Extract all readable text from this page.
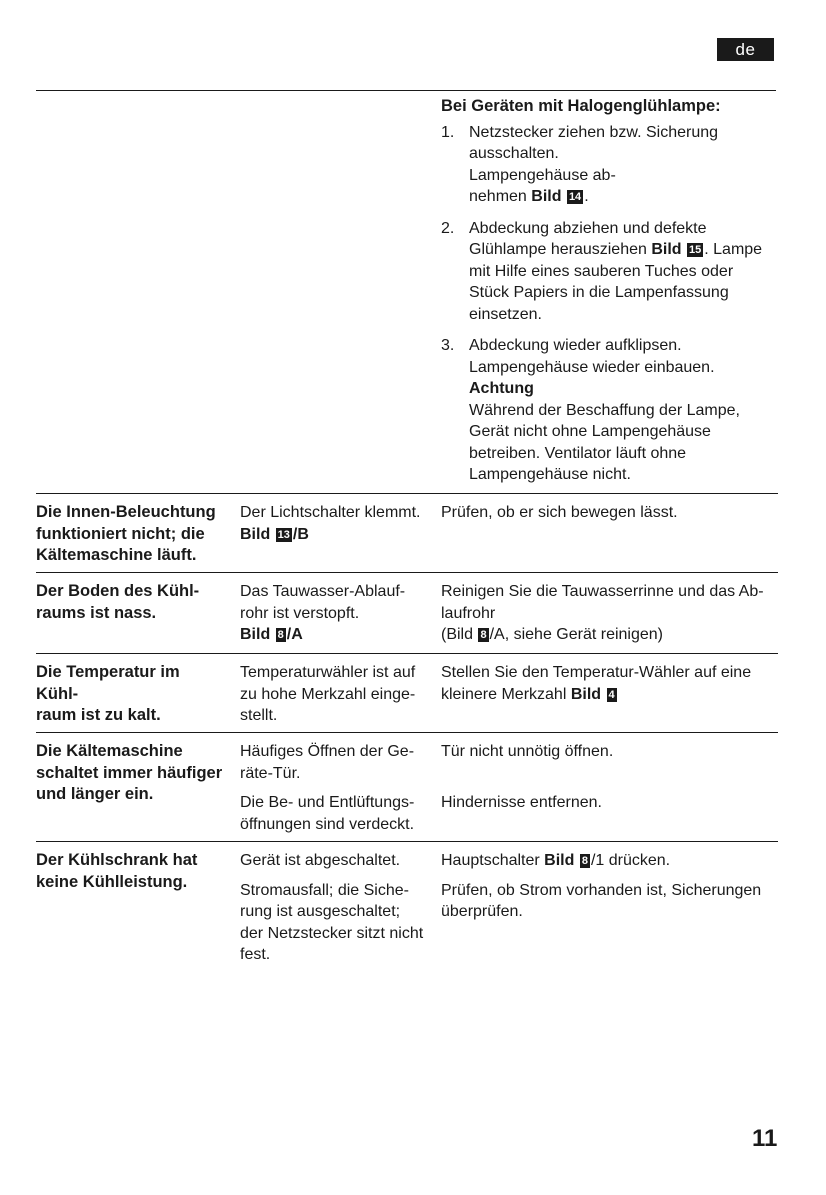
de
Bei Geräten mit Halogenglühlampe:
1. Netzstecker ziehen bzw. Sicherung

ausschalten.

Lampengehäuse ab-

nehmen Bild 14 .

2. Abdeckung abziehen und defekte

Glühlampe herausziehen Bild 15 . Lampe

mit Hilfe eines sauberen Tuches oder

Stück Papiers in die Lampenfassung

einsetzen.

3. Abdeckung wieder aufklipsen.

Lampengehäuse wieder einbauen.

Achtung

Während der Beschaffung der Lampe,

Gerät nicht ohne Lampengehäuse

betreiben. Ventilator läuft ohne

Lampengehäuse nicht.

Die Innen-Beleuchtung
funktioniert nicht; die
Kältemaschine läuft.
Der Lichtschalter klemmt.
Bild 13 /B
Prüfen, ob er sich bewegen lässt.
Der Boden des Kühl-
raums ist nass.
Das Tauwasser-Ablauf-
rohr ist verstopft.
Bild 8 /A
Reinigen Sie die Tauwasserrinne und das Ab-
laufrohr
(Bild 8 /A, siehe Gerät reinigen)
Die Temperatur im Kühl-
raum ist zu kalt.
Temperaturwähler ist auf
zu hohe Merkzahl einge-
stellt.
Stellen Sie den Temperatur-Wähler auf eine
kleinere Merkzahl Bild 4
Die Kältemaschine
schaltet immer häufiger
und länger ein.

Häufiges Öffnen der Ge-
räte-Tür.

Die Be- und Entlüftungs-
öffnungen sind verdeckt.

Tür nicht unnötig öffnen.

Hindernisse entfernen.

Der Kühlschrank hat
keine Kühlleistung.

Gerät ist abgeschaltet.

Stromausfall; die Siche-
rung ist ausgeschaltet;
der Netzstecker sitzt nicht
fest.

Hauptschalter Bild 8 /1 drücken.

Prüfen, ob Strom vorhanden ist, Sicherungen
überprüfen.

11
